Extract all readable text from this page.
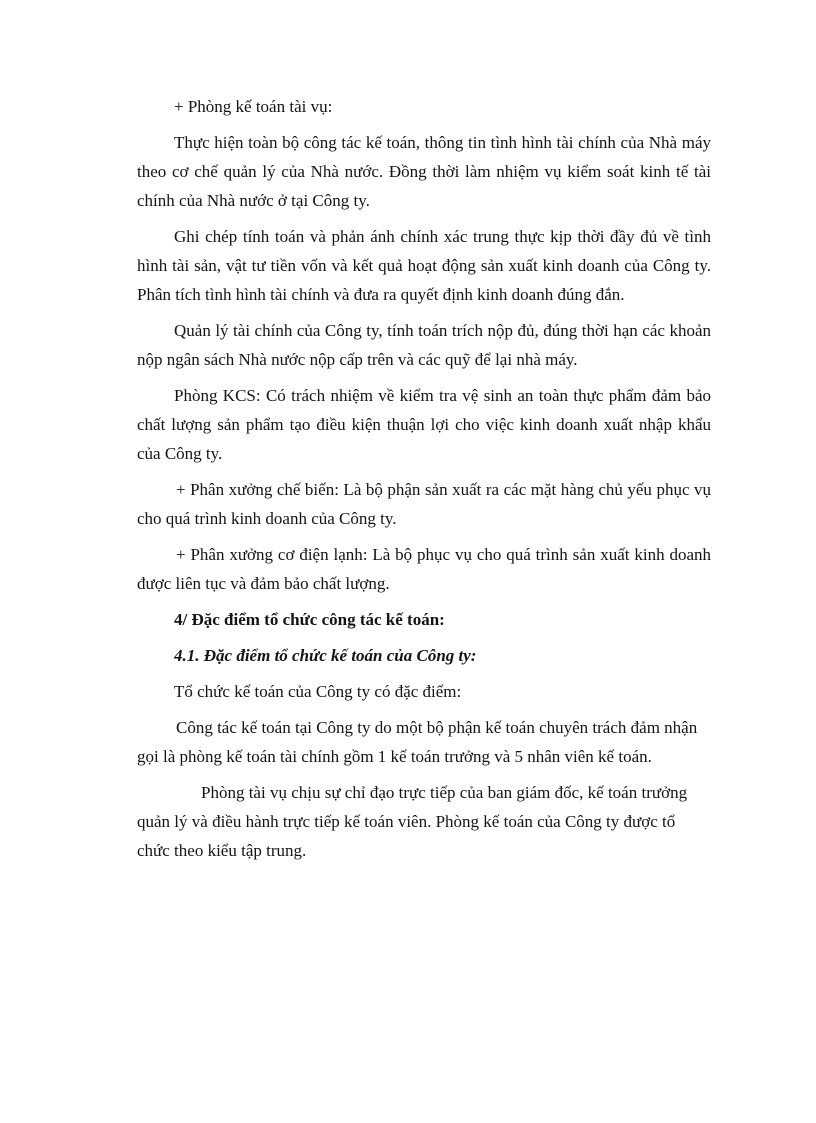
+ Phòng kế toán tài vụ:

Thực hiện toàn bộ công tác kế toán, thông tin tình hình tài chính của Nhà máy theo cơ chế quản lý của Nhà nước. Đồng thời làm nhiệm vụ kiểm soát kinh tế tài chính của Nhà nước ở tại Công ty.

Ghi chép tính toán và phản ánh chính xác trung thực kịp thời đầy đủ về tình hình tài sản, vật tư tiền vốn và kết quả hoạt động sản xuất kinh doanh của Công ty. Phân tích tình hình tài chính và đưa ra quyết định kinh doanh đúng đắn.

Quản lý tài chính của Công ty, tính toán trích nộp đủ, đúng thời hạn các khoản nộp ngân sách Nhà nước nộp cấp trên và các quỹ để lại nhà máy.

Phòng KCS: Có trách nhiệm về kiểm tra vệ sinh an toàn thực phẩm đảm bảo chất lượng sản phẩm tạo điều kiện thuận lợi cho việc kinh doanh xuất nhập khẩu của Công ty.

+ Phân xưởng chế biến: Là bộ phận sản xuất ra các mặt hàng chủ yếu phục vụ cho quá trình kinh doanh của Công ty.

+ Phân xưởng cơ điện lạnh: Là bộ phục vụ cho quá trình sản xuất kinh doanh được liên tục và đảm bảo chất lượng.

4/ Đặc điểm tổ chức công tác kế toán:

4.1. Đặc điểm tổ chức kế toán của Công ty:

Tổ chức kế toán của Công ty có đặc điểm:

Công tác kế toán tại Công ty do một bộ phận kế toán chuyên trách đảm nhận gọi là phòng kế toán tài chính gồm 1 kế toán trưởng và 5 nhân viên kế toán.

Phòng tài vụ chịu sự chỉ đạo trực tiếp của ban giám đốc, kế toán trưởng quản lý và điều hành trực tiếp kế toán viên. Phòng kế toán của Công ty được tổ chức theo kiểu tập trung.
